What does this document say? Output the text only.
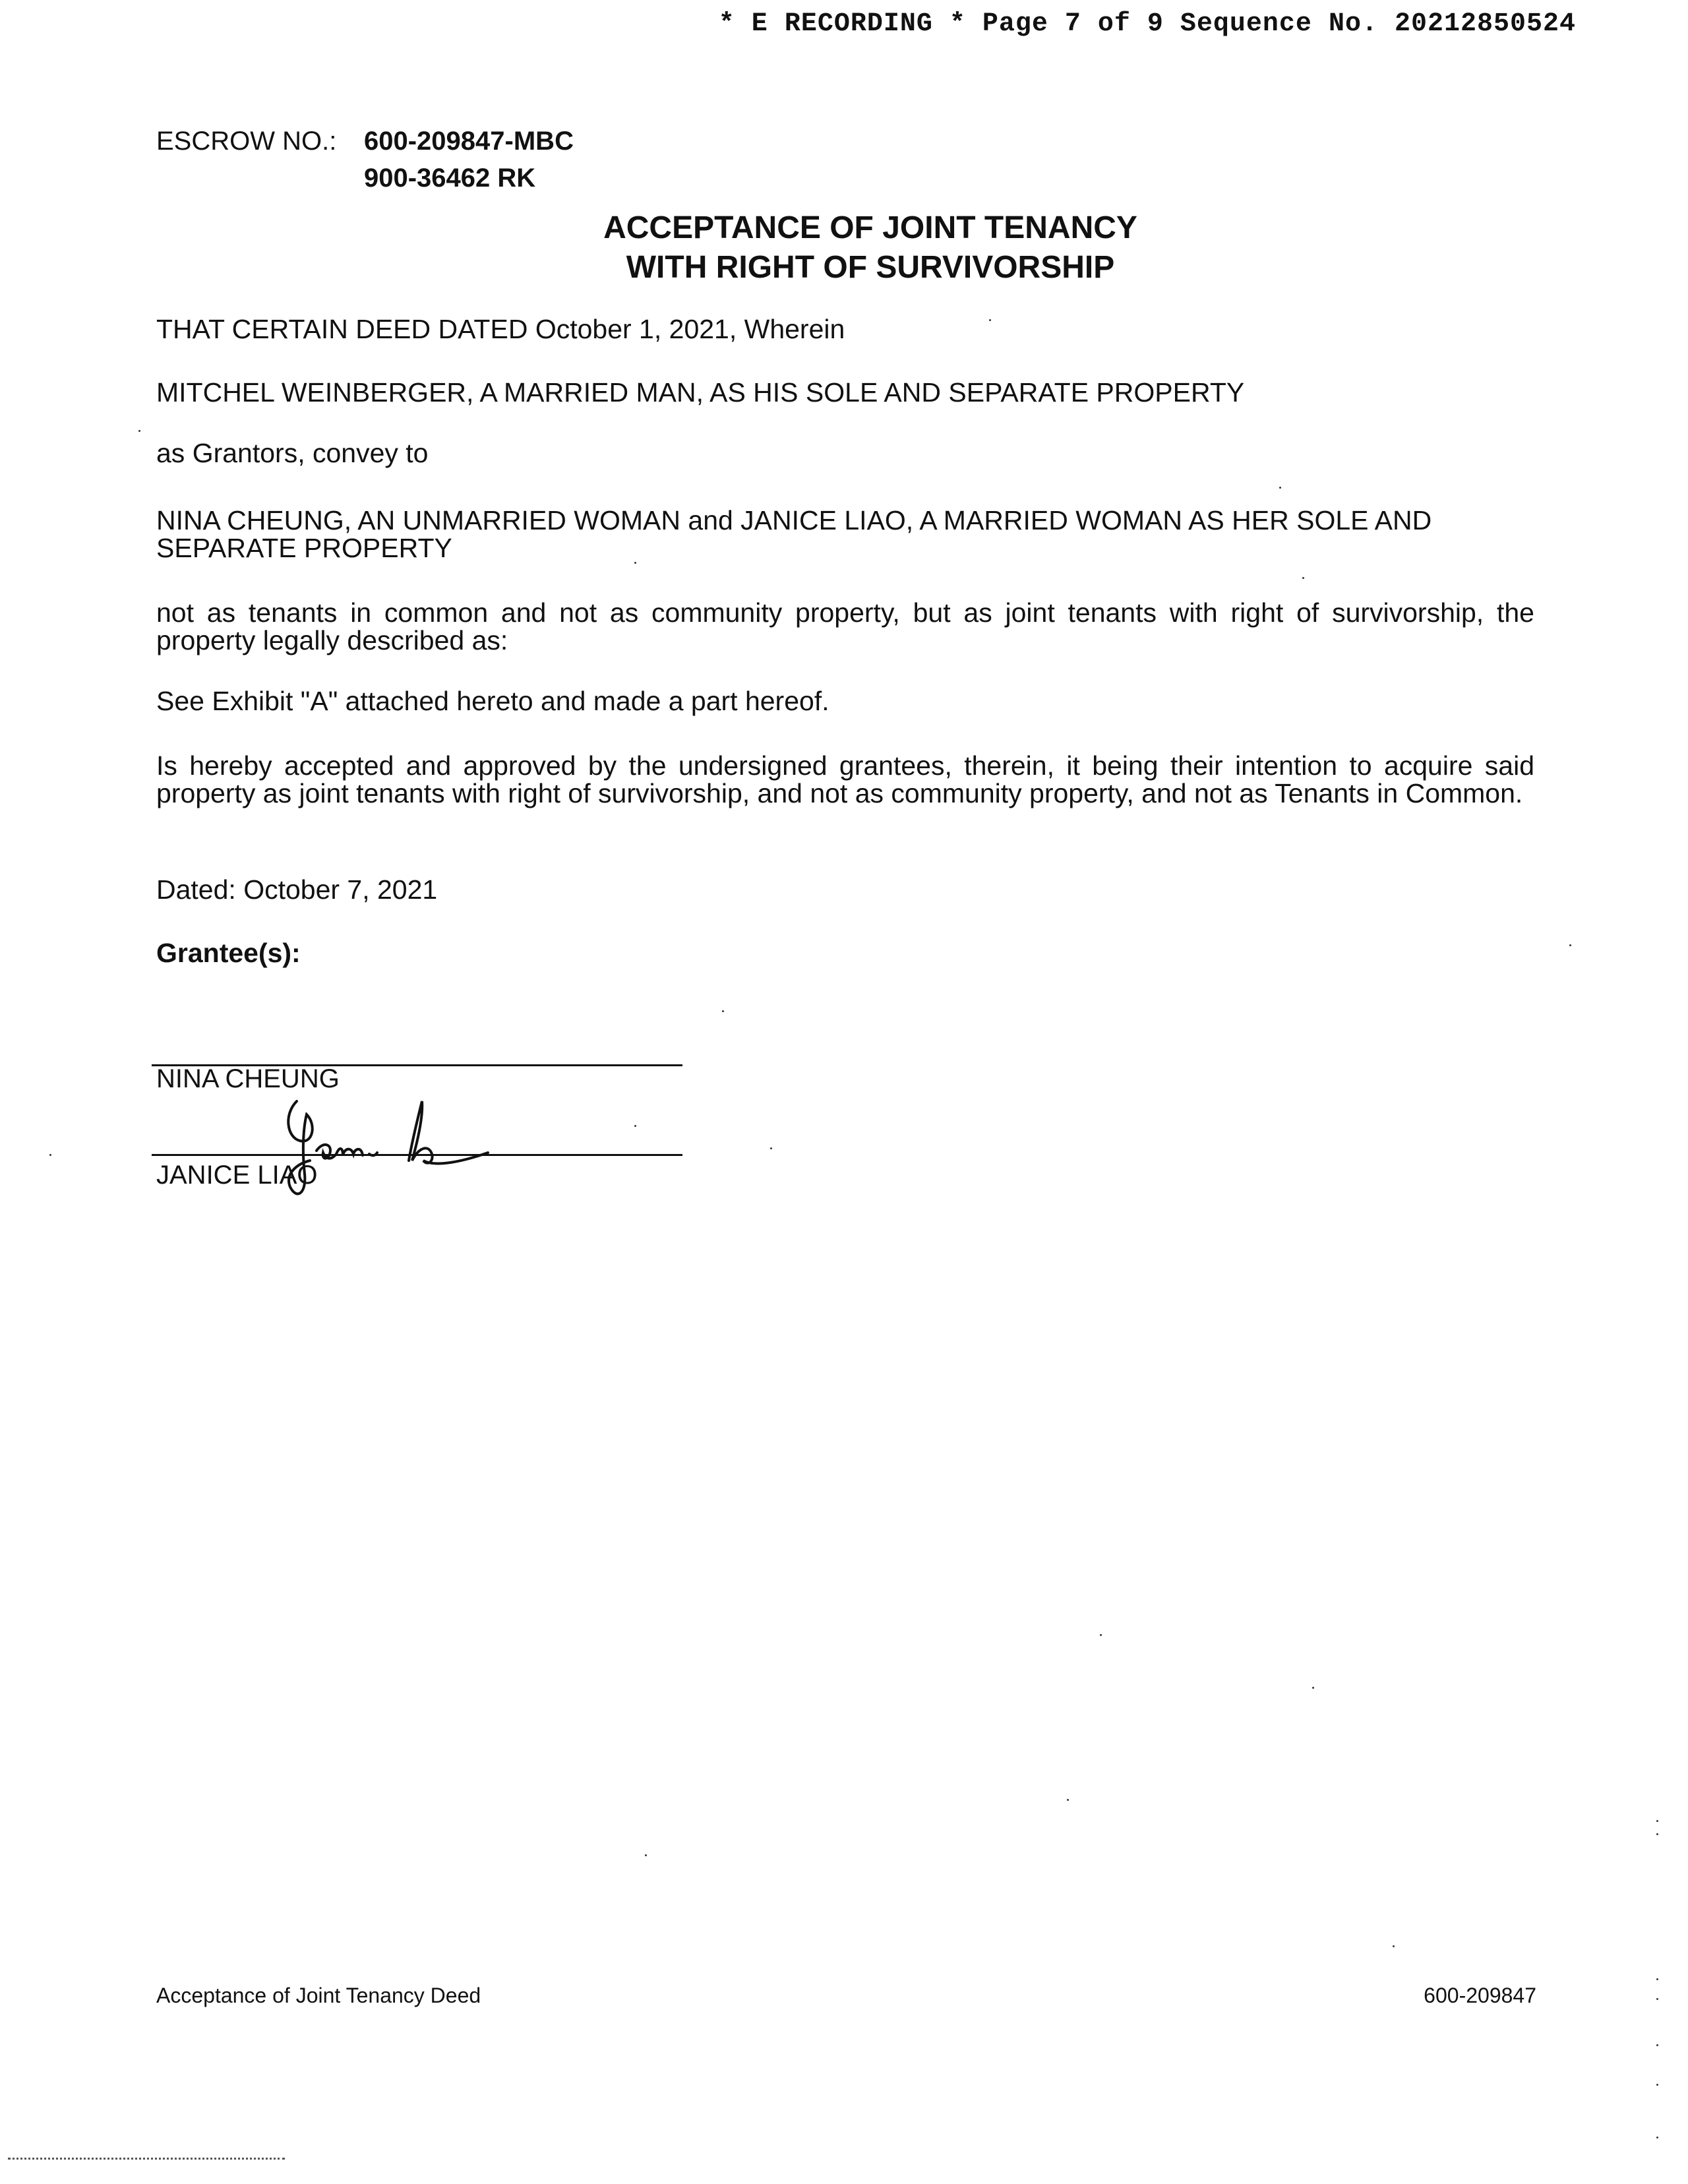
* E RECORDING * Page 7 of 9 Sequence No. 20212850524
ESCROW NO.: 600-209847-MBC
900-36462 RK
ACCEPTANCE OF JOINT TENANCY
WITH RIGHT OF SURVIVORSHIP
THAT CERTAIN DEED DATED October 1, 2021, Wherein
MITCHEL WEINBERGER, A MARRIED MAN, AS HIS SOLE AND SEPARATE PROPERTY
as Grantors, convey to
NINA CHEUNG, AN UNMARRIED WOMAN and JANICE LIAO, A MARRIED WOMAN AS HER SOLE AND SEPARATE PROPERTY
not as tenants in common and not as community property, but as joint tenants with right of survivorship, the property legally described as:
See Exhibit "A" attached hereto and made a part hereof.
Is hereby accepted and approved by the undersigned grantees, therein, it being their intention to acquire said property as joint tenants with right of survivorship, and not as community property, and not as Tenants in Common.
Dated: October 7, 2021
Grantee(s):
NINA CHEUNG
JANICE LIAO
Acceptance of Joint Tenancy Deed	600-209847
